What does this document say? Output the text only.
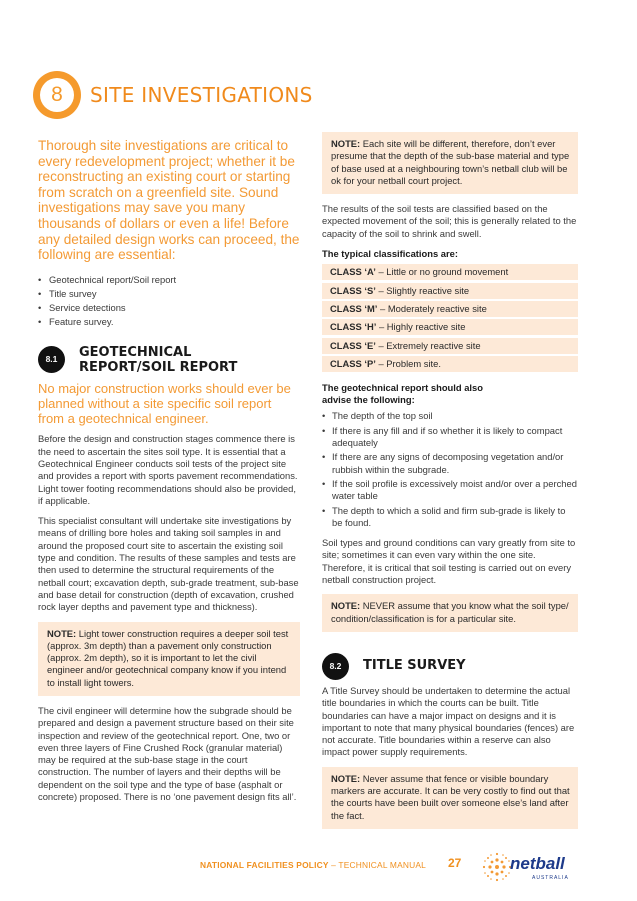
8	SITE INVESTIGATIONS
Thorough site investigations are critical to every redevelopment project; whether it be reconstructing an existing court or starting from scratch on a greenfield site. Sound investigations may save you many thousands of dollars or even a life! Before any detailed design works can proceed, the following are essential:
• Geotechnical report/Soil report
• Title survey
• Service detections
• Feature survey.
8.1	GEOTECHNICAL
REPORT/SOIL REPORT
No major construction works should ever be planned without a site specific soil report from a geotechnical engineer.

Before the design and construction stages commence there is the need to ascertain the sites soil type. It is essential that a Geotechnical Engineer conducts soil tests of the project site and provides a report with sports pavement recommendations. Light tower footing recommendations should also be provided, if applicable.

This specialist consultant will undertake site investigations by means of drilling bore holes and taking soil samples in and around the proposed court site to ascertain the existing soil type and condition. The results of these samples and tests are then used to determine the structural requirements of the netball court; excavation depth, sub-grade treatment, sub-base and base detail for construction (depth of excavation, crushed rock layer depths and pavement type and thickness).

NOTE: Light tower construction requires a deeper soil test (approx. 3m depth) than a pavement only construction (approx. 2m depth), so it is important to let the civil engineer and/or geotechnical company know if you intend to install light towers.

The civil engineer will determine how the subgrade should be prepared and design a pavement structure based on their site inspection and review of the geotechnical report. One, two or even three layers of Fine Crushed Rock (granular material) may be required at the sub-base stage in the court construction. The number of layers and their depths will be dependent on the soil type and the type of base (asphalt or concrete) proposed. There is no ‘one pavement design fits all’.

NOTE: Each site will be different, therefore, don’t ever presume that the depth of the sub-base material and type of base used at a neighbouring town’s netball club will be ok for your netball court project.

The results of the soil tests are classified based on the expected movement of the soil; this is generally related to the capacity of the soil to shrink and swell.

The typical classifications are:
CLASS ‘A’ – Little or no ground movement
CLASS ‘S’ – Slightly reactive site
CLASS ‘M’ – Moderately reactive site
CLASS ‘H’ – Highly reactive site
CLASS ‘E’ – Extremely reactive site
CLASS ‘P’ – Problem site.
The geotechnical report should also
advise the following:
• The depth of the top soil
• If there is any fill and if so whether it is likely to compact adequately
• If there are any signs of decomposing vegetation and/or rubbish within the subgrade.
• If the soil profile is excessively moist and/or over a perched water table
• The depth to which a solid and firm sub-grade is likely to be found.

Soil types and ground conditions can vary greatly from site to site; sometimes it can even vary within the one site. Therefore, it is critical that soil testing is carried out on every netball construction project.

NOTE: NEVER assume that you know what the soil type/ condition/classification is for a particular site.
8.2	TITLE SURVEY

A Title Survey should be undertaken to determine the actual title boundaries in which the courts can be built. Title boundaries can have a major impact on designs and it is important to note that many physical boundaries (fences) are not accurate. Title boundaries within a reserve can also impact power supply requirements.

NOTE: Never assume that fence or visible boundary markers are accurate. It can be very costly to find out that the courts have been built over someone else’s land after the fact.
NATIONAL FACILITIES POLICY – TECHNICAL MANUAL 27	netball
AUSTRALIA
